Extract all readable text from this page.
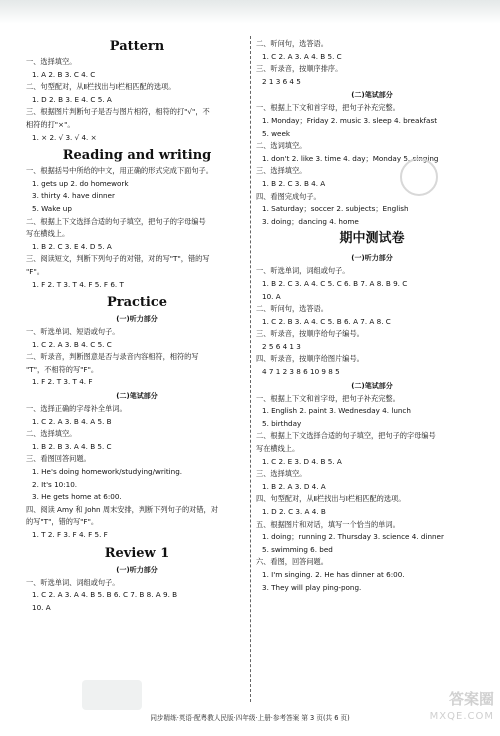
Pattern
一、选择填空。
1. A 2. B 3. C 4. C
二、句型配对，从Ⅱ栏找出与Ⅰ栏相匹配的选项。
1. D 2. B 3. E 4. C 5. A
三、根据图片判断句子是否与图片相符，相符的打"√"，不
相符的打"×"。
1. × 2. √ 3. √ 4. ×
Reading and writing
一、根据括号中所给的中文，用正确的形式完成下面句子。
1. gets up 2. do homework
3. thirty 4. have dinner
5. Wake up
二、根据上下文选择合适的句子填空，把句子的字母编号
写在横线上。
1. B 2. C 3. E 4. D 5. A
三、阅读短文，判断下列句子的对错，对的写"T"，错的写
"F"。
1. F 2. T 3. T 4. F 5. F 6. T
Practice
(一)听力部分
一、听选单词、短语或句子。
1. C 2. A 3. B 4. C 5. C
二、听录音，判断图意是否与录音内容相符，相符的写
"T"，不相符的写"F"。
1. F 2. T 3. T 4. F
(二)笔试部分
一、选择正确的字母补全单词。
1. C 2. A 3. B 4. A 5. B
二、选择填空。
1. B 2. B 3. A 4. B 5. C
三、看图回答问题。
1. He's doing homework/studying/writing.
2. It's 10:10.
3. He gets home at 6:00.
四、阅读 Amy 和 John 周末安排，判断下列句子的对错，对
的写"T"，错的写"F"。
1. T 2. F 3. F 4. F 5. F
Review 1
(一)听力部分
一、听选单词、词组或句子。
1. C 2. A 3. A 4. B 5. B 6. C 7. B 8. A 9. B
10. A
二、听问句，选答语。
1. C 2. A 3. A 4. B 5. C
三、听录音，按顺序排序。
2 1 3 6 4 5
(二)笔试部分
一、根据上下文和首字母，把句子补充完整。
1. Monday；Friday 2. music 3. sleep 4. breakfast
5. week
二、选词填空。
1. don't 2. like 3. time 4. day；Monday 5. singing
三、选择填空。
1. B 2. C 3. B 4. A
四、看图完成句子。
1. Saturday；soccer 2. subjects；English
3. doing；dancing 4. home
期中测试卷
(一)听力部分
一、听选单词，词组或句子。
1. B 2. C 3. A 4. C 5. C 6. B 7. A 8. B 9. C
10. A
二、听问句，选答语。
1. C 2. B 3. A 4. C 5. B 6. A 7. A 8. C
三、听录音，按顺序给句子编号。
2 5 6 4 1 3
四、听录音，按顺序给图片编号。
4 7 1 2 3 8 6 10 9 8 5
(二)笔试部分
一、根据上下文和首字母，把句子补充完整。
1. English 2. paint 3. Wednesday 4. lunch
5. birthday
二、根据上下文选择合适的句子填空，把句子的字母编号
写在横线上。
1. C 2. E 3. D 4. B 5. A
三、选择填空。
1. B 2. A 3. D 4. A
四、句型配对，从Ⅱ栏找出与Ⅰ栏相匹配的选项。
1. D 2. C 3. A 4. B
五、根据图片和对话，填写一个恰当的单词。
1. doing；running 2. Thursday 3. science 4. dinner
5. swimming 6. bed
六、看图，回答问题。
1. I'm singing. 2. He has dinner at 6:00.
3. They will play ping-pong.
同步精练·英语·配粤教人民版·四年级·上册·参考答案 第 3 页(共 6 页)
答案圈
MXQE.COM
